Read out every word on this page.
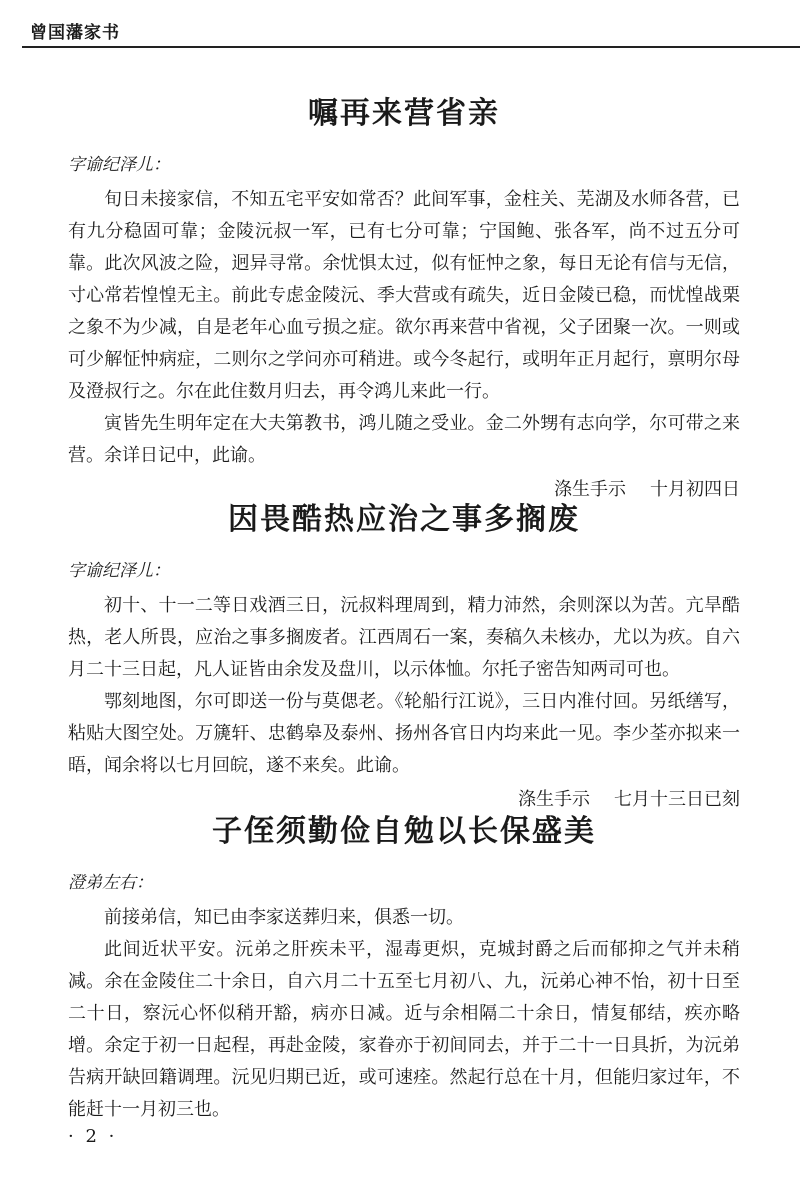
曾国藩家书
嘱再来营省亲

字谕纪泽儿：

旬日未接家信，不知五宅平安如常否？此间军事，金柱关、芜湖及水师各营，已有九分稳固可靠；金陵沅叔一军，已有七分可靠；宁国鲍、张各军，尚不过五分可靠。此次风波之险，迥异寻常。余忧惧太过，似有怔忡之象，每日无论有信与无信，寸心常若惶惶无主。前此专虑金陵沅、季大营或有疏失，近日金陵已稳，而忧惶战栗之象不为少减，自是老年心血亏损之症。欲尔再来营中省视，父子团聚一次。一则或可少解怔忡病症，二则尔之学问亦可稍进。或今冬起行，或明年正月起行，禀明尔母及澄叔行之。尔在此住数月归去，再令鸿儿来此一行。

寅皆先生明年定在大夫第教书，鸿儿随之受业。金二外甥有志向学，尔可带之来营。余详日记中，此谕。

涤生手示 十月初四日

因畏酷热应治之事多搁废

字谕纪泽儿：

初十、十一二等日戏酒三日，沅叔料理周到，精力沛然，余则深以为苦。亢旱酷热，老人所畏，应治之事多搁废者。江西周石一案，奏稿久未核办，尤以为疚。自六月二十三日起，凡人证皆由余发及盘川，以示体恤。尔托子密告知两司可也。

鄂刻地图，尔可即送一份与莫偲老。《轮船行江说》，三日内准付回。另纸缮写，粘贴大图空处。万篪轩、忠鹤皋及泰州、扬州各官日内均来此一见。李少荃亦拟来一晤，闻余将以七月回皖，遂不来矣。此谕。

涤生手示 七月十三日已刻

子侄须勤俭自勉以长保盛美

澄弟左右：

前接弟信，知已由李家送葬归来，俱悉一切。

此间近状平安。沅弟之肝疾未平，湿毒更炽，克城封爵之后而郁抑之气并未稍减。余在金陵住二十余日，自六月二十五至七月初八、九，沅弟心神不怡，初十日至二十日，察沅心怀似稍开豁，病亦日减。近与余相隔二十余日，情复郁结，疾亦略增。余定于初一日起程，再赴金陵，家眷亦于初间同去，并于二十一日具折，为沅弟告病开缺回籍调理。沅见归期已近，或可速痊。然起行总在十月，但能归家过年，不能赶十一月初三也。

· 2 ·
